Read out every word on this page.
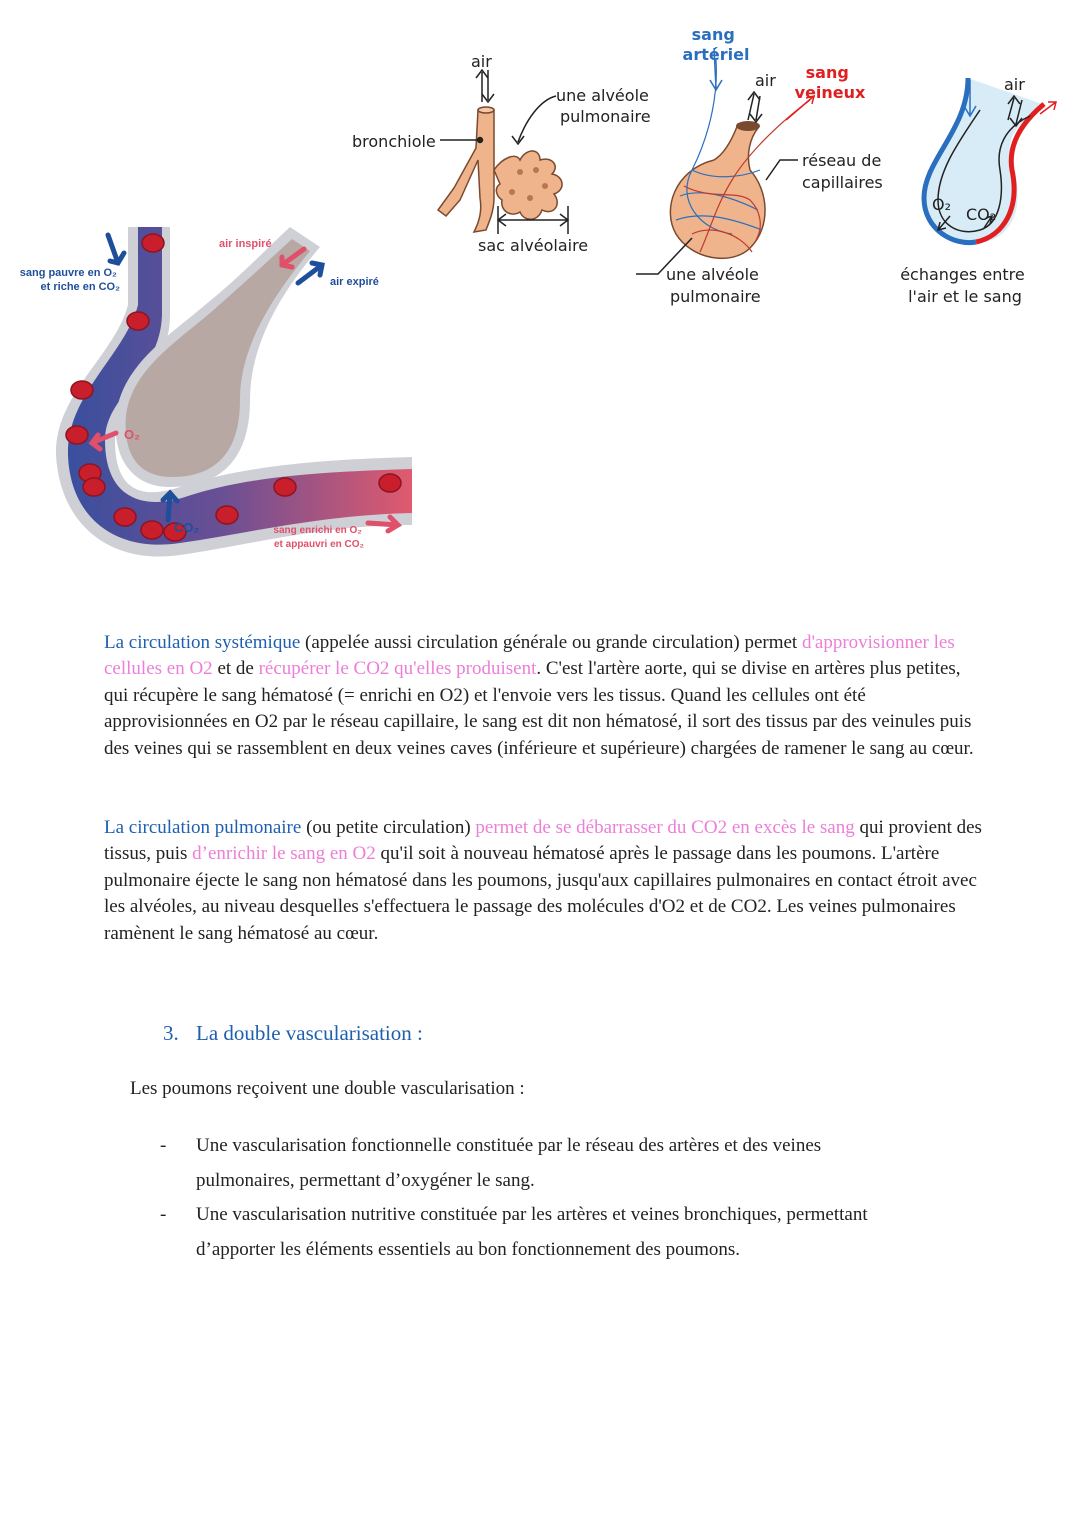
sang pauvre en O₂ et riche en CO₂
air inspiré
air expiré
O₂
CO₂	sang enrichi en O₂ et appauvri en CO₂
air
bronchiole
une alvéole pulmonaire
sac alvéolaire
sang artériel
air	sang veineux
réseau de capillaires
une alvéole pulmonaire
air
O₂
CO₂
échanges entre l'air et le sang

La circulation systémique (appelée aussi circulation générale ou grande circulation) permet d'approvisionner les cellules en O2 et de récupérer le CO2 qu'elles produisent. C'est l'artère aorte, qui se divise en artères plus petites, qui récupère le sang hématosé (= enrichi en O2) et l'envoie vers les tissus. Quand les cellules ont été approvisionnées en O2 par le réseau capillaire, le sang est dit non hématosé, il sort des tissus par des veinules puis des veines qui se rassemblent en deux veines caves (inférieure et supérieure) chargées de ramener le sang au cœur.

La circulation pulmonaire (ou petite circulation) permet de se débarrasser du CO2 en excès le sang qui provient des tissus, puis d’enrichir le sang en O2 qu'il soit à nouveau hématosé après le passage dans les poumons. L'artère pulmonaire éjecte le sang non hématosé dans les poumons, jusqu'aux capillaires pulmonaires en contact étroit avec les alvéoles, au niveau desquelles s'effectuera le passage des molécules d'O2 et de CO2. Les veines pulmonaires ramènent le sang hématosé au cœur.

3. La double vascularisation :
Les poumons reçoivent une double vascularisation :
- Une vascularisation fonctionnelle constituée par le réseau des artères et des veines pulmonaires, permettant d’oxygéner le sang.
- Une vascularisation nutritive constituée par les artères et veines bronchiques, permettant d’apporter les éléments essentiels au bon fonctionnement des poumons.
